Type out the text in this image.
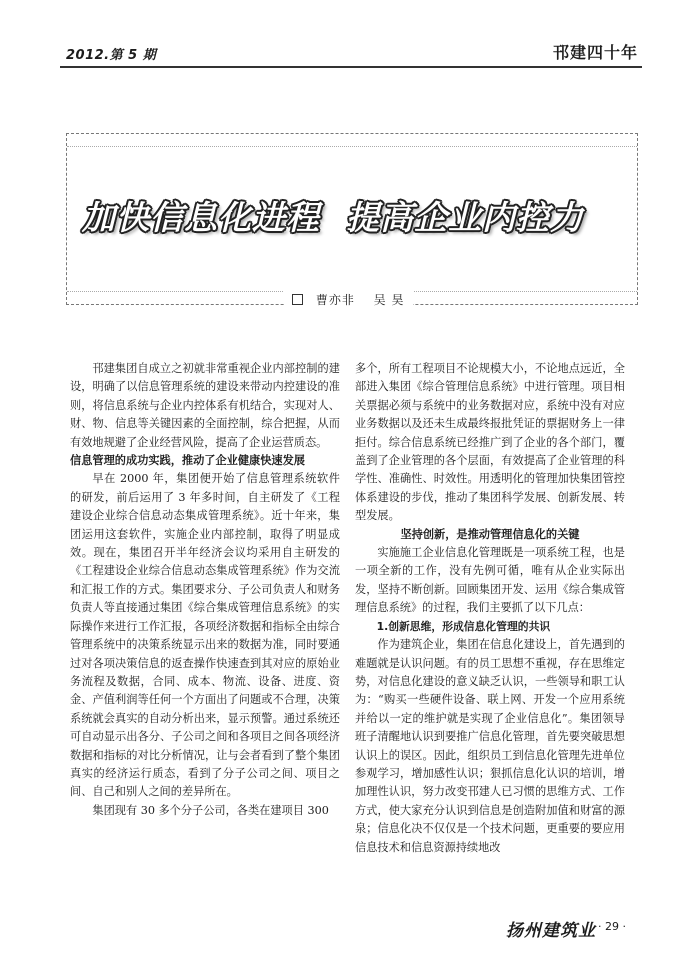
2012.第 5 期	邗建四十年
加快信息化进程 提高企业内控力
曹亦非 吴 昊

邗建集团自成立之初就非常重视企业内部控制的建设，明确了以信息管理系统的建设来带动内控建设的准则，将信息系统与企业内控体系有机结合，实现对人、财、物、信息等关键因素的全面控制，综合把握，从而有效地规避了企业经营风险，提高了企业运营质态。

信息管理的成功实践，推动了企业健康快速发展

早在 2000 年，集团便开始了信息管理系统软件的研发，前后运用了 3 年多时间，自主研发了《工程建设企业综合信息动态集成管理系统》。近十年来，集团运用这套软件，实施企业内部控制，取得了明显成效。现在，集团召开半年经济会议均采用自主研发的《工程建设企业综合信息动态集成管理系统》作为交流和汇报工作的方式。集团要求分、子公司负责人和财务负责人等直接通过集团《综合集成管理信息系统》的实际操作来进行工作汇报，各项经济数据和指标全由综合管理系统中的决策系统显示出来的数据为准，同时要通过对各项决策信息的返查操作快速查到其对应的原始业务流程及数据，合同、成本、物流、设备、进度、资金、产值利润等任何一个方面出了问题或不合理，决策系统就会真实的自动分析出来，显示预警。通过系统还可自动显示出各分、子公司之间和各项目之间各项经济数据和指标的对比分析情况，让与会者看到了整个集团真实的经济运行质态，看到了分子公司之间、项目之间、自己和别人之间的差异所在。

集团现有 30 多个分子公司，各类在建项目 300

多个，所有工程项目不论规模大小，不论地点远近，全部进入集团《综合管理信息系统》中进行管理。项目相关票据必须与系统中的业务数据对应，系统中没有对应业务数据以及还未生成最终报批凭证的票据财务上一律拒付。综合信息系统已经推广到了企业的各个部门，覆盖到了企业管理的各个层面，有效提高了企业管理的科学性、准确性、时效性。用透明化的管理加快集团管控体系建设的步伐，推动了集团科学发展、创新发展、转型发展。

坚持创新，是推动管理信息化的关键

实施施工企业信息化管理既是一项系统工程，也是一项全新的工作，没有先例可循，唯有从企业实际出发，坚持不断创新。回顾集团开发、运用《综合集成管理信息系统》的过程，我们主要抓了以下几点：

1.创新思维，形成信息化管理的共识

作为建筑企业，集团在信息化建设上，首先遇到的难题就是认识问题。有的员工思想不重视，存在思维定势，对信息化建设的意义缺乏认识，一些领导和职工认为：“购买一些硬件设备、联上网、开发一个应用系统并给以一定的维护就是实现了企业信息化”。集团领导班子清醒地认识到要推广信息化管理，首先要突破思想认识上的误区。因此，组织员工到信息化管理先进单位参观学习，增加感性认识；狠抓信息化认识的培训，增加理性认识，努力改变邗建人已习惯的思维方式、工作方式，使大家充分认识到信息是创造附加值和财富的源泉；信息化决不仅仅是一个技术问题，更重要的要应用信息技术和信息资源持续地改

扬州建筑业 · 29 ·
